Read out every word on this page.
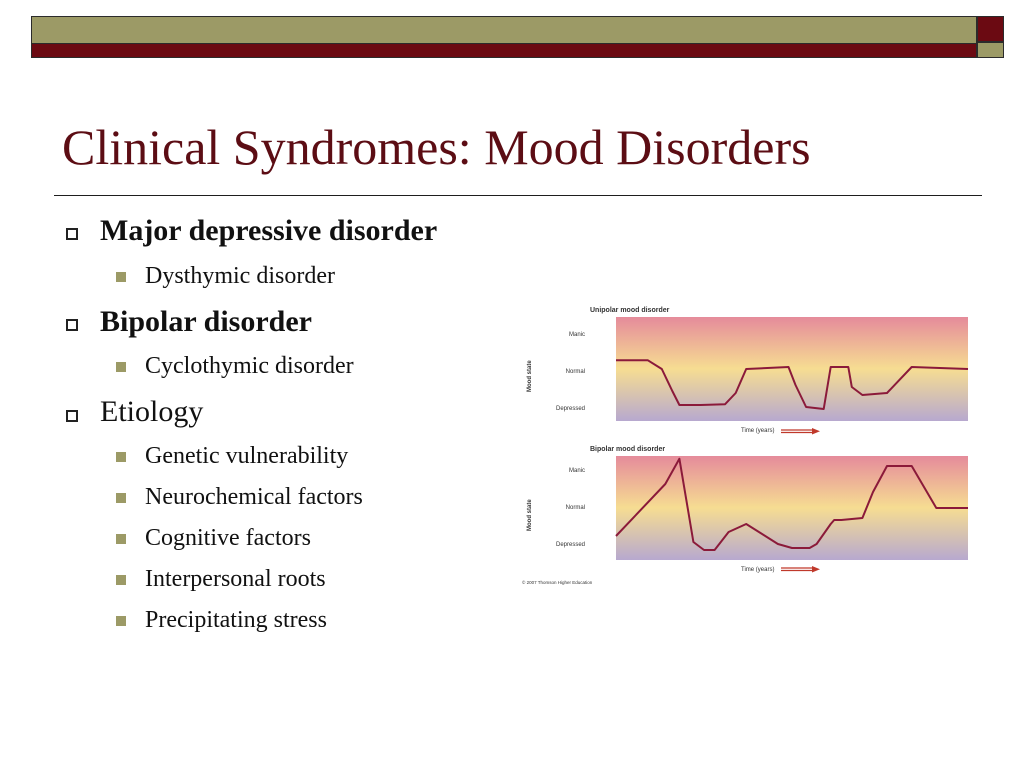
Clinical Syndromes: Mood Disorders
Major depressive disorder
Dysthymic disorder
Bipolar disorder
Cyclothymic disorder
Etiology
Genetic vulnerability
Neurochemical factors
Cognitive factors
Interpersonal roots
Precipitating stress
Unipolar mood disorder
Mood state
Manic
Normal
Depressed
Time (years)
Bipolar mood disorder
Mood state
Manic
Normal
Depressed
Time (years)
© 2007 Thomson Higher Education
